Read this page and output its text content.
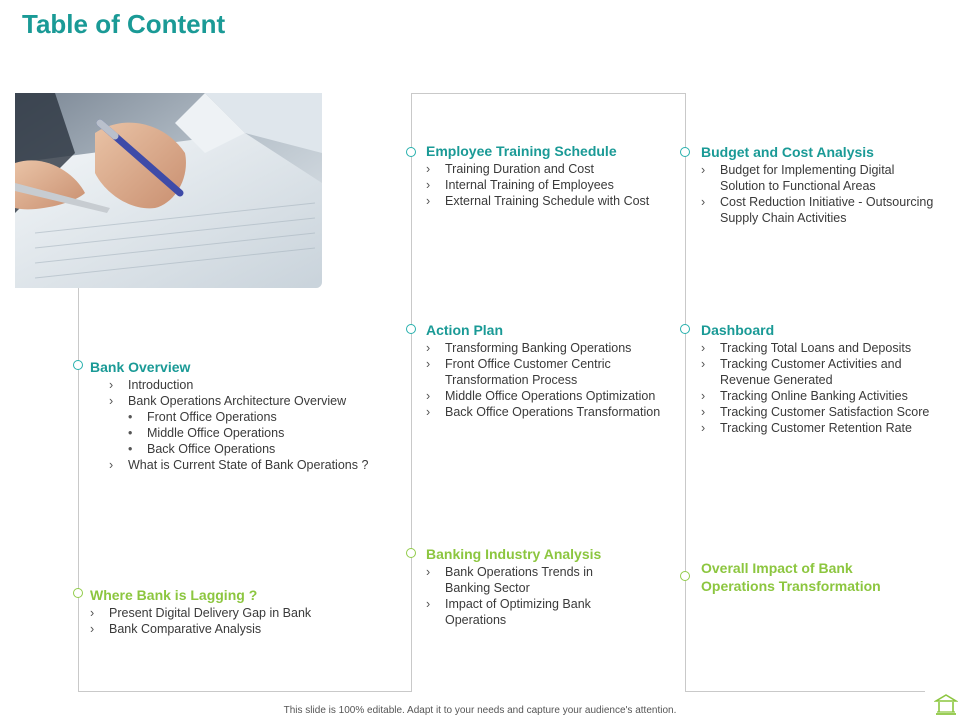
Table of Content
Bank Overview
› Introduction
› Bank Operations Architecture Overview
• Front Office Operations
• Middle Office Operations
• Back Office Operations
› What is Current State of Bank Operations ?
Where Bank is Lagging ?
› Present Digital Delivery Gap in Bank
› Bank Comparative Analysis
Employee Training Schedule
› Training Duration and Cost
› Internal Training of Employees
› External Training Schedule with Cost
Action Plan
› Transforming Banking Operations
› Front Office Customer Centric Transformation Process
› Middle Office Operations Optimization
› Back Office Operations Transformation
Banking Industry Analysis
› Bank Operations Trends in Banking Sector
› Impact of Optimizing Bank Operations
Budget and Cost Analysis
› Budget for Implementing Digital Solution to Functional Areas
› Cost Reduction Initiative - Outsourcing Supply Chain Activities
Dashboard
› Tracking Total Loans and Deposits
› Tracking Customer Activities and Revenue Generated
› Tracking Online Banking Activities
› Tracking Customer Satisfaction Score
› Tracking Customer Retention Rate
Overall Impact of Bank Operations Transformation
This slide is 100% editable. Adapt it to your needs and capture your audience's attention.
